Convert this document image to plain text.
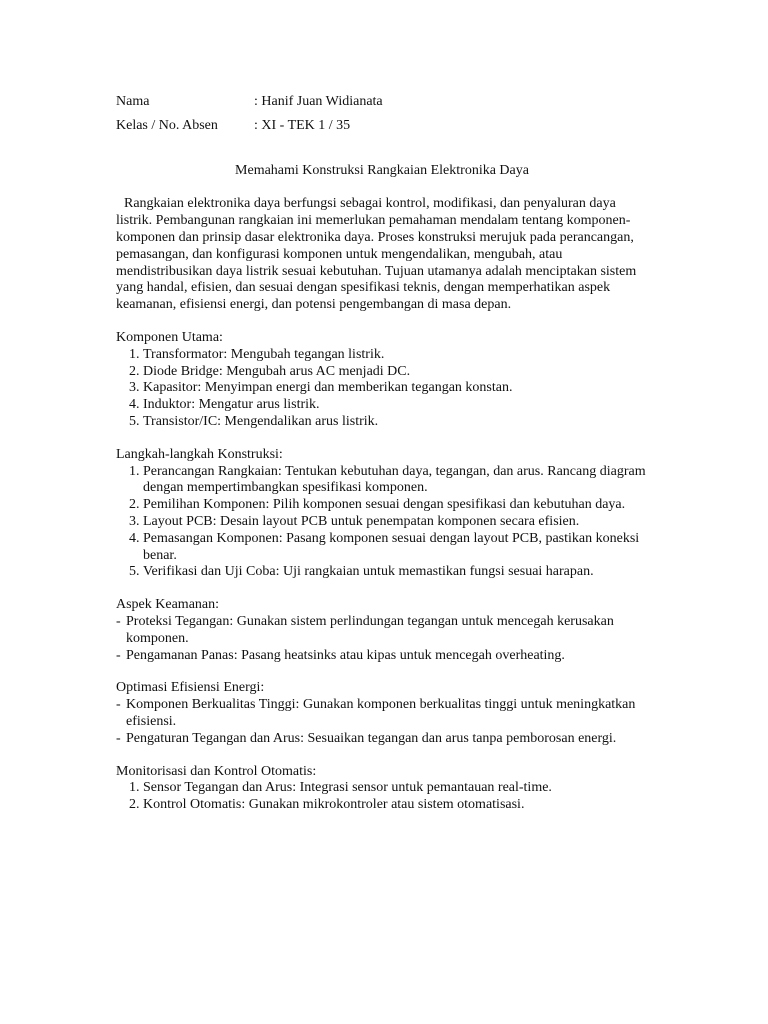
Nama	: Hanif Juan Widianata
Kelas / No. Absen	: XI - TEK 1 / 35
Memahami Konstruksi Rangkaian Elektronika Daya

Rangkaian elektronika daya berfungsi sebagai kontrol, modifikasi, dan penyaluran daya listrik. Pembangunan rangkaian ini memerlukan pemahaman mendalam tentang komponen-komponen dan prinsip dasar elektronika daya. Proses konstruksi merujuk pada perancangan, pemasangan, dan konfigurasi komponen untuk mengendalikan, mengubah, atau mendistribusikan daya listrik sesuai kebutuhan. Tujuan utamanya adalah menciptakan sistem yang handal, efisien, dan sesuai dengan spesifikasi teknis, dengan memperhatikan aspek keamanan, efisiensi energi, dan potensi pengembangan di masa depan.

Komponen Utama:

1. Transformator: Mengubah tegangan listrik.
2. Diode Bridge: Mengubah arus AC menjadi DC.
3. Kapasitor: Menyimpan energi dan memberikan tegangan konstan.
4. Induktor: Mengatur arus listrik.
5. Transistor/IC: Mengendalikan arus listrik.

Langkah-langkah Konstruksi:

1. Perancangan Rangkaian: Tentukan kebutuhan daya, tegangan, dan arus. Rancang diagram dengan mempertimbangkan spesifikasi komponen.
2. Pemilihan Komponen: Pilih komponen sesuai dengan spesifikasi dan kebutuhan daya.
3. Layout PCB: Desain layout PCB untuk penempatan komponen secara efisien.
4. Pemasangan Komponen: Pasang komponen sesuai dengan layout PCB, pastikan koneksi benar.
5. Verifikasi dan Uji Coba: Uji rangkaian untuk memastikan fungsi sesuai harapan.

Aspek Keamanan:

- Proteksi Tegangan: Gunakan sistem perlindungan tegangan untuk mencegah kerusakan komponen.
- Pengamanan Panas: Pasang heatsinks atau kipas untuk mencegah overheating.

Optimasi Efisiensi Energi:

- Komponen Berkualitas Tinggi: Gunakan komponen berkualitas tinggi untuk meningkatkan efisiensi.
- Pengaturan Tegangan dan Arus: Sesuaikan tegangan dan arus tanpa pemborosan energi.

Monitorisasi dan Kontrol Otomatis:

1. Sensor Tegangan dan Arus: Integrasi sensor untuk pemantauan real-time.
2. Kontrol Otomatis: Gunakan mikrokontroler atau sistem otomatisasi.
